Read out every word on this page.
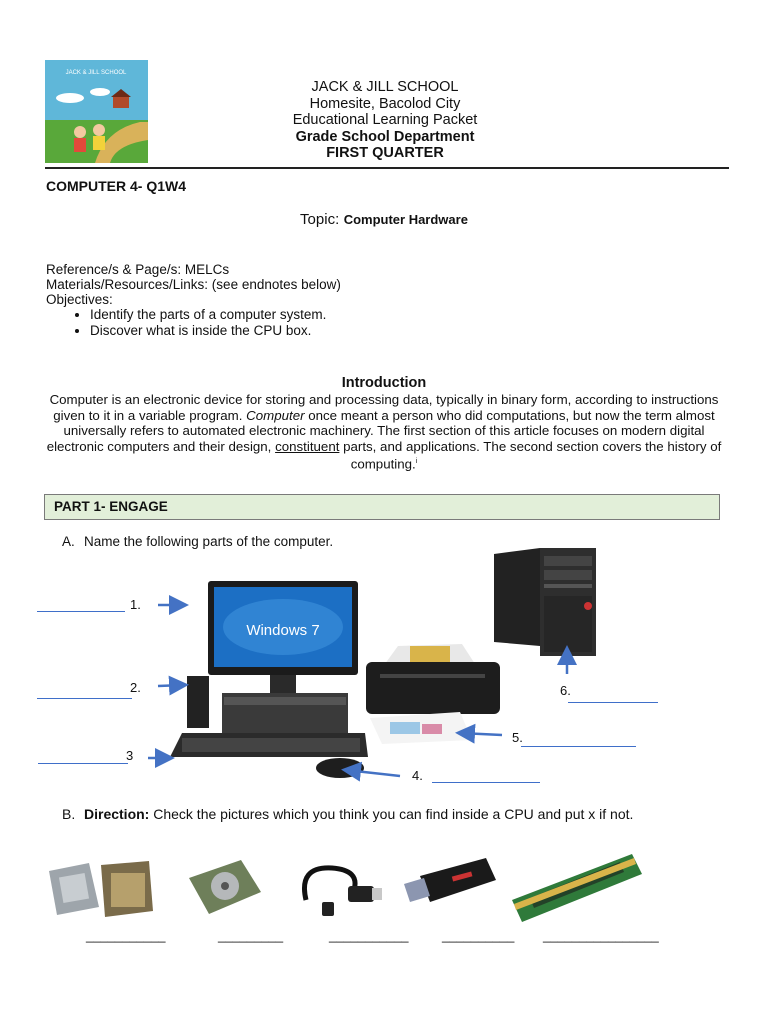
JACK & JILL SCHOOL
JACK & JILL SCHOOL
Homesite, Bacolod City
Educational Learning Packet
Grade School Department
FIRST QUARTER
COMPUTER 4- Q1W4
Topic: Computer Hardware
Reference/s & Page/s: MELCs
Materials/Resources/Links: (see endnotes below)
Objectives:
• Identify the parts of a computer system.
• Discover what is inside the CPU box.
Introduction
Computer is an electronic device for storing and processing data, typically in binary form, according to instructions given to it in a variable program. Computer once meant a person who did computations, but now the term almost universally refers to automated electronic machinery. The first section of this article focuses on modern digital electronic computers and their design, constituent parts, and applications. The second section covers the history of computing.$^i$
PART 1- ENGAGE
A. Name the following parts of the computer.
Windows 7
1.
2.
3
4.
5.
6.
B. Direction: Check the pictures which you think you can find inside a CPU and put x if not.
___________	_________	___________	__________ ________________
